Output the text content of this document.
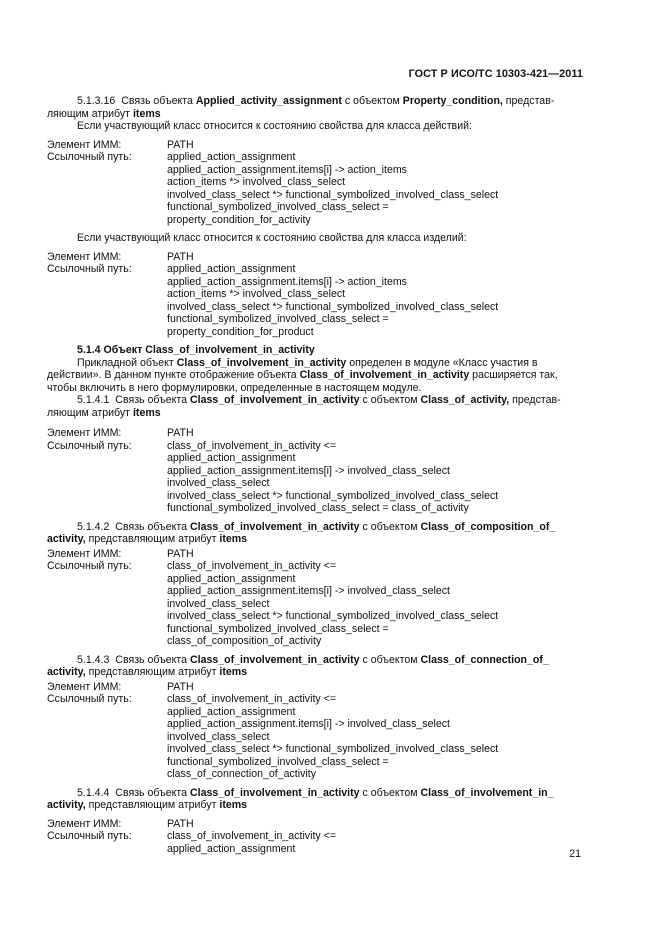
ГОСТ Р ИСО/ТС 10303-421—2011

5.1.3.16 Связь объекта Applied_activity_assignment с объектом Property_condition, представ-
ляющим атрибут items

Если участвующий класс относится к состоянию свойства для класса действий:

Элемент ИММ:	PATH
Ссылочный путь:	applied_action_assignment
applied_action_assignment.items[i] -> action_items
action_items *> involved_class_select
involved_class_select *> functional_symbolized_involved_class_select
functional_symbolized_involved_class_select =
property_condition_for_activity

Если участвующий класс относится к состоянию свойства для класса изделий:

Элемент ИММ:	PATH
Ссылочный путь:	applied_action_assignment
applied_action_assignment.items[i] -> action_items
action_items *> involved_class_select
involved_class_select *> functional_symbolized_involved_class_select
functional_symbolized_involved_class_select =
property_condition_for_product

5.1.4 Объект Class_of_involvement_in_activity

Прикладной объект Class_of_involvement_in_activity определен в модуле «Класс участия в
действии». В данном пункте отображение объекта Class_of_involvement_in_activity расширяется так,
чтобы включить в него формулировки, определенные в настоящем модуле.

5.1.4.1 Связь объекта Class_of_involvement_in_activity с объектом Class_of_activity, представ-
ляющим атрибут items

Элемент ИММ:	PATH
Ссылочный путь:	class_of_involvement_in_activity <=
applied_action_assignment
applied_action_assignment.items[i] -> involved_class_select
involved_class_select
involved_class_select *> functional_symbolized_involved_class_select
functional_symbolized_involved_class_select = class_of_activity

5.1.4.2 Связь объекта Class_of_involvement_in_activity с объектом Class_of_composition_of_
activity, представляющим атрибут items

Элемент ИММ:	PATH
Ссылочный путь:	class_of_involvement_in_activity <=
applied_action_assignment
applied_action_assignment.items[i] -> involved_class_select
involved_class_select
involved_class_select *> functional_symbolized_involved_class_select
functional_symbolized_involved_class_select =
class_of_composition_of_activity

5.1.4.3 Связь объекта Class_of_involvement_in_activity с объектом Class_of_connection_of_
activity, представляющим атрибут items

Элемент ИММ:	PATH
Ссылочный путь:	class_of_involvement_in_activity <=
applied_action_assignment
applied_action_assignment.items[i] -> involved_class_select
involved_class_select
involved_class_select *> functional_symbolized_involved_class_select
functional_symbolized_involved_class_select =
class_of_connection_of_activity

5.1.4.4 Связь объекта Class_of_involvement_in_activity с объектом Class_of_involvement_in_
activity, представляющим атрибут items

Элемент ИММ:	PATH
Ссылочный путь:	class_of_involvement_in_activity <=
applied_action_assignment	21
